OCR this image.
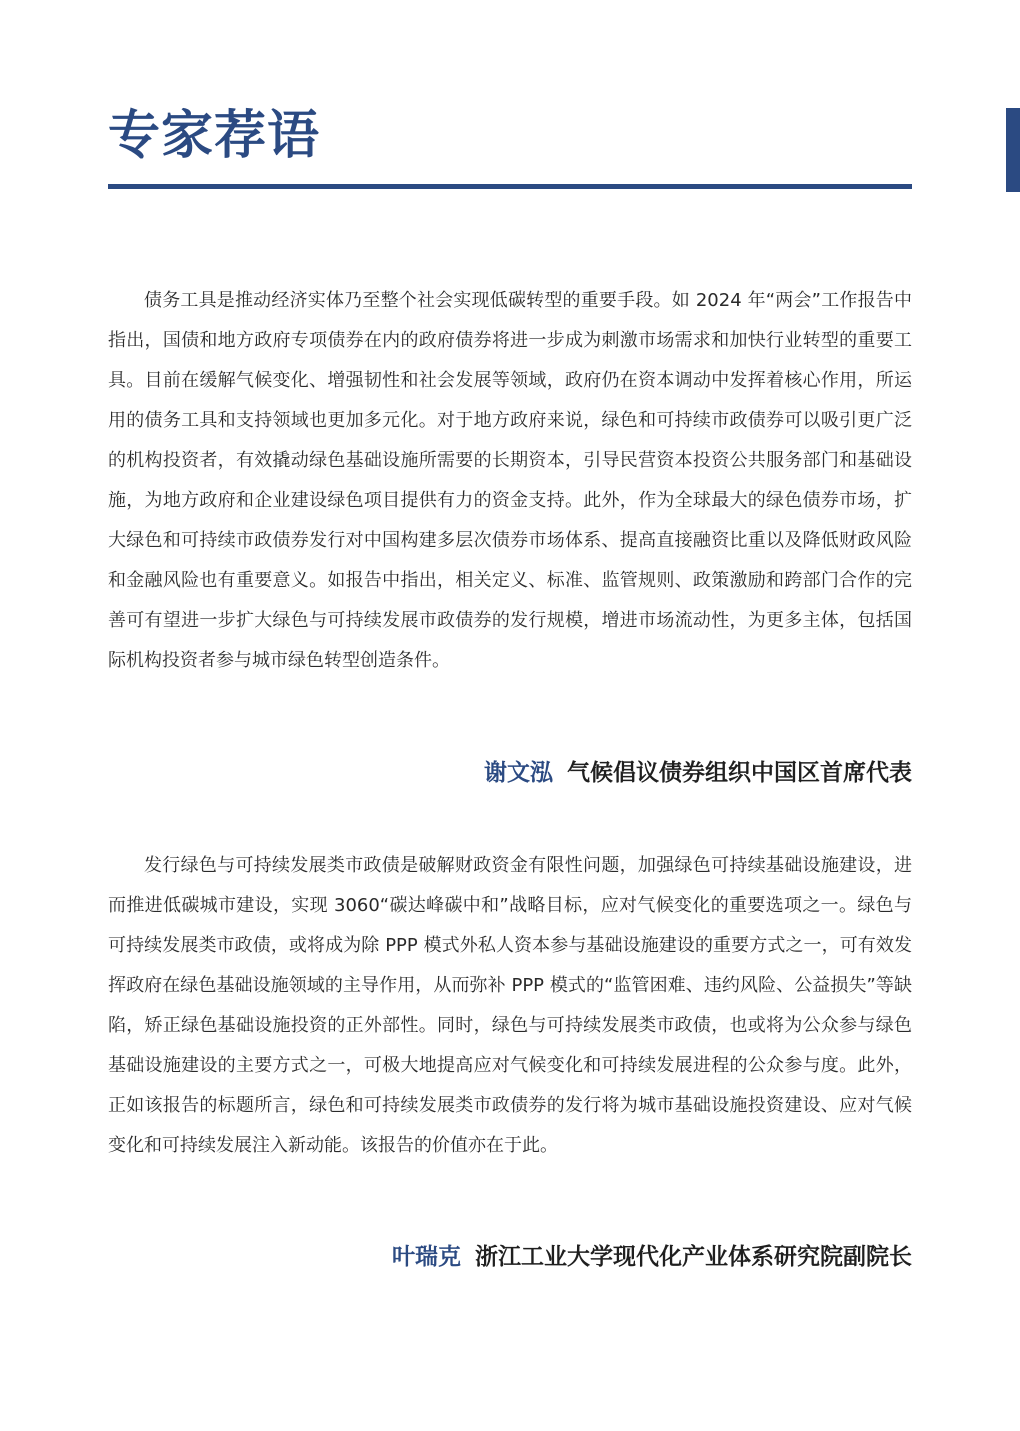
专家荐语

债务工具是推动经济实体乃至整个社会实现低碳转型的重要手段。如 2024 年“两会”工作报告中指出，国债和地方政府专项债券在内的政府债券将进一步成为刺激市场需求和加快行业转型的重要工具。目前在缓解气候变化、增强韧性和社会发展等领域，政府仍在资本调动中发挥着核心作用，所运用的债务工具和支持领域也更加多元化。对于地方政府来说，绿色和可持续市政债券可以吸引更广泛的机构投资者，有效撬动绿色基础设施所需要的长期资本，引导民营资本投资公共服务部门和基础设施，为地方政府和企业建设绿色项目提供有力的资金支持。此外，作为全球最大的绿色债券市场，扩大绿色和可持续市政债券发行对中国构建多层次债券市场体系、提高直接融资比重以及降低财政风险和金融风险也有重要意义。如报告中指出，相关定义、标准、监管规则、政策激励和跨部门合作的完善可有望进一步扩大绿色与可持续发展市政债券的发行规模，增进市场流动性，为更多主体，包括国际机构投资者参与城市绿色转型创造条件。

谢文泓 气候倡议债券组织中国区首席代表

发行绿色与可持续发展类市政债是破解财政资金有限性问题，加强绿色可持续基础设施建设，进而推进低碳城市建设，实现 3060“碳达峰碳中和”战略目标，应对气候变化的重要选项之一。绿色与可持续发展类市政债，或将成为除 PPP 模式外私人资本参与基础设施建设的重要方式之一，可有效发挥政府在绿色基础设施领域的主导作用，从而弥补 PPP 模式的“监管困难、违约风险、公益损失”等缺陷，矫正绿色基础设施投资的正外部性。同时，绿色与可持续发展类市政债，也或将为公众参与绿色基础设施建设的主要方式之一，可极大地提高应对气候变化和可持续发展进程的公众参与度。此外，正如该报告的标题所言，绿色和可持续发展类市政债券的发行将为城市基础设施投资建设、应对气候变化和可持续发展注入新动能。该报告的价值亦在于此。

叶瑞克 浙江工业大学现代化产业体系研究院副院长
